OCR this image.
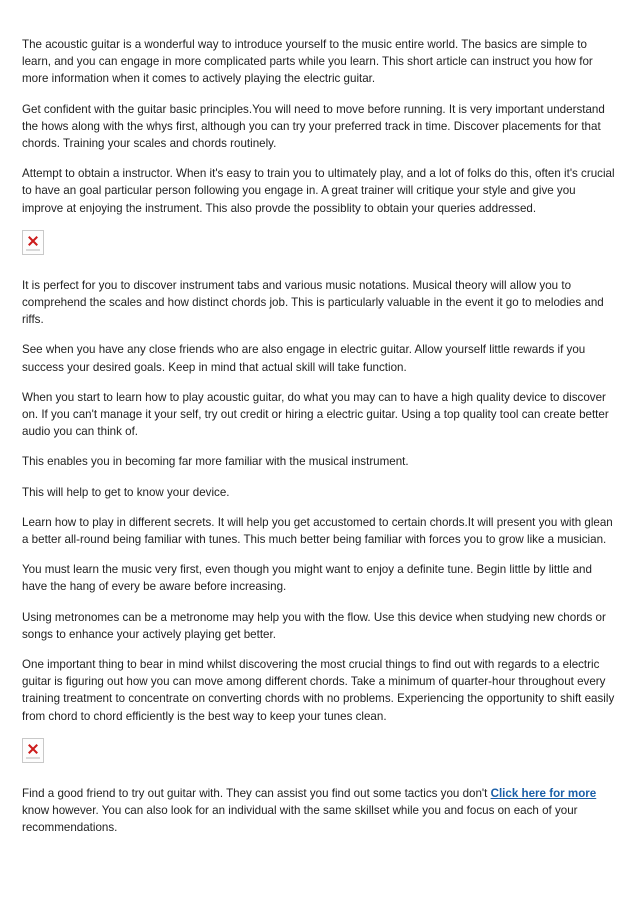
The acoustic guitar is a wonderful way to introduce yourself to the music entire world. The basics are simple to learn, and you can engage in more complicated parts while you learn. This short article can instruct you how for more information when it comes to actively playing the electric guitar.

Get confident with the guitar basic principles.You will need to move before running. It is very important understand the hows along with the whys first, although you can try your preferred track in time. Discover placements for that chords. Training your scales and chords routinely.

Attempt to obtain a instructor. When it's easy to train you to ultimately play, and a lot of folks do this, often it's crucial to have an goal particular person following you engage in. A great trainer will critique your style and give you improve at enjoying the instrument. This also provde the possiblity to obtain your queries addressed.

It is perfect for you to discover instrument tabs and various music notations. Musical theory will allow you to comprehend the scales and how distinct chords job. This is particularly valuable in the event it go to melodies and riffs.

See when you have any close friends who are also engage in electric guitar. Allow yourself little rewards if you success your desired goals. Keep in mind that actual skill will take function.

When you start to learn how to play acoustic guitar, do what you may can to have a high quality device to discover on. If you can't manage it your self, try out credit or hiring a electric guitar. Using a top quality tool can create better audio you can think of.

This enables you in becoming far more familiar with the musical instrument.

This will help to get to know your device.

Learn how to play in different secrets. It will help you get accustomed to certain chords.It will present you with glean a better all-round being familiar with tunes. This much better being familiar with forces you to grow like a musician.

You must learn the music very first, even though you might want to enjoy a definite tune. Begin little by little and have the hang of every be aware before increasing.

Using metronomes can be a metronome may help you with the flow. Use this device when studying new chords or songs to enhance your actively playing get better.

One important thing to bear in mind whilst discovering the most crucial things to find out with regards to a electric guitar is figuring out how you can move among different chords. Take a minimum of quarter-hour throughout every training treatment to concentrate on converting chords with no problems. Experiencing the opportunity to shift easily from chord to chord efficiently is the best way to keep your tunes clean.

Find a good friend to try out guitar with. They can assist you find out some tactics you don't Click here for more know however. You can also look for an individual with the same skillset while you and focus on each of your recommendations.
